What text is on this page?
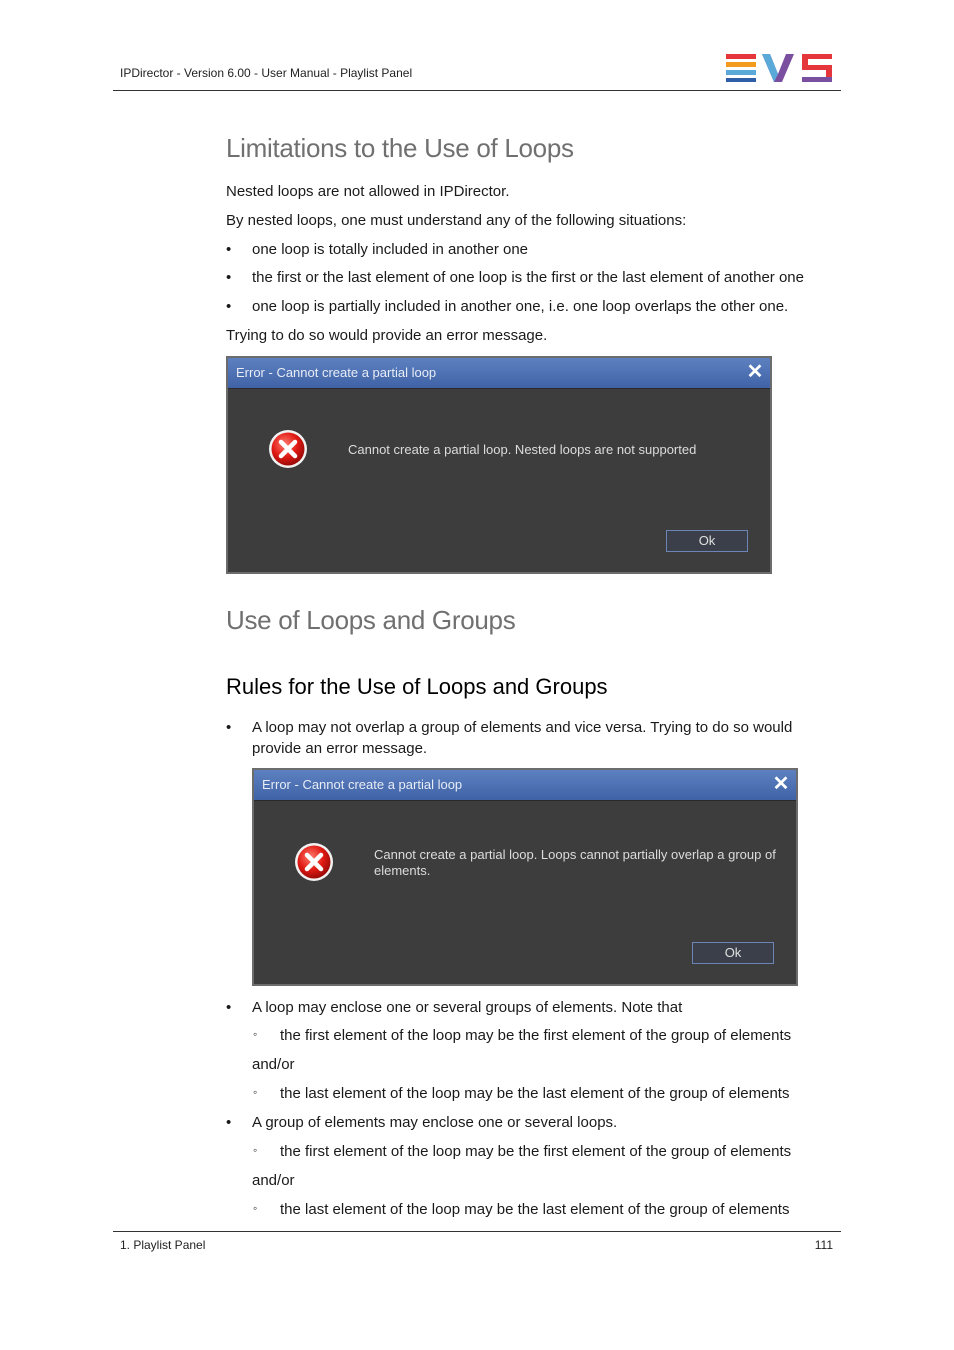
IPDirector - Version 6.00 - User Manual - Playlist Panel
Limitations to the Use of Loops
Nested loops are not allowed in IPDirector.
By nested loops, one must understand any of the following situations:
• one loop is totally included in another one
• the first or the last element of one loop is the first or the last element of another one
• one loop is partially included in another one, i.e. one loop overlaps the other one.
Trying to do so would provide an error message.
Error - Cannot create a partial loop	✕
Cannot create a partial loop. Nested loops are not supported
Ok
Use of Loops and Groups
Rules for the Use of Loops and Groups
• A loop may not overlap a group of elements and vice versa. Trying to do so would provide an error message.
Error - Cannot create a partial loop	✕
Cannot create a partial loop. Loops cannot partially overlap a group of elements.
Ok
• A loop may enclose one or several groups of elements. Note that
◦ the first element of the loop may be the first element of the group of elements
and/or
◦ the last element of the loop may be the last element of the group of elements
• A group of elements may enclose one or several loops.
◦ the first element of the loop may be the first element of the group of elements
and/or
◦ the last element of the loop may be the last element of the group of elements
1. Playlist Panel	111
